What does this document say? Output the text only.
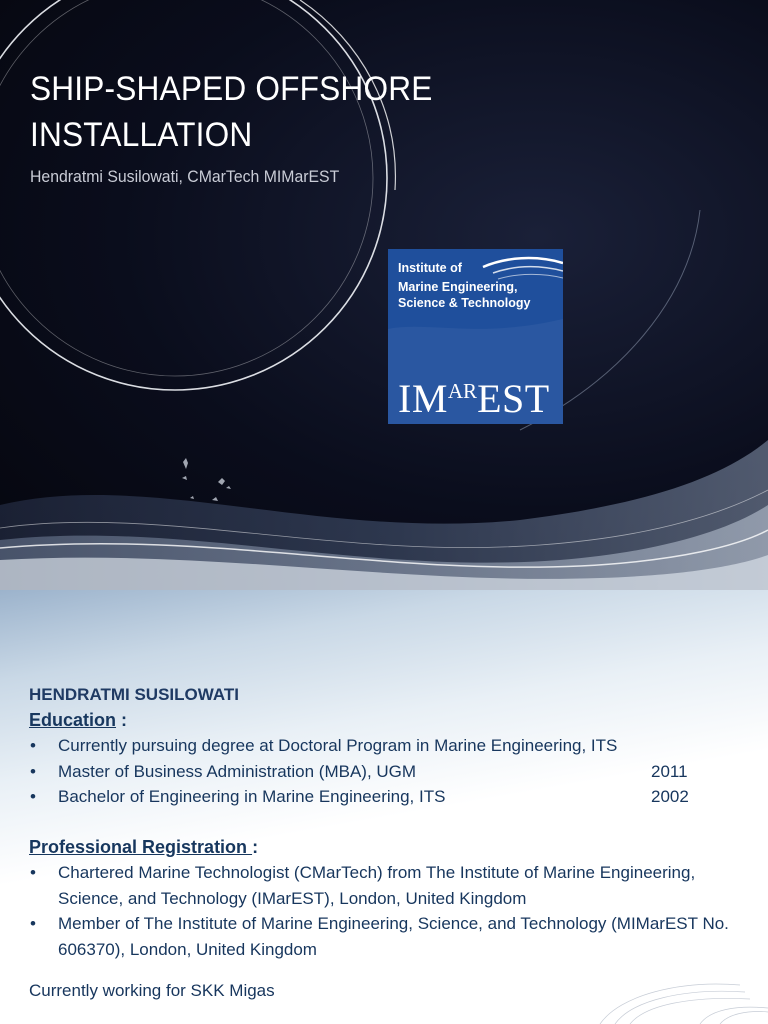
SHIP-SHAPED OFFSHORE
INSTALLATION
Hendratmi Susilowati, CMarTech MIMarEST
Institute of
Marine Engineering,
Science & Technology
$IM^{AR}EST$
HENDRATMI SUSILOWATI
Education :
• Currently pursuing degree at Doctoral Program in Marine Engineering, ITS
• Master of Business Administration (MBA), UGM	2011
• Bachelor of Engineering in Marine Engineering, ITS	2002
Professional Registration :
• Chartered Marine Technologist (CMarTech) from The Institute of Marine Engineering, Science, and Technology (IMarEST), London, United Kingdom
• Member of The Institute of Marine Engineering, Science, and Technology (MIMarEST No. 606370), London, United Kingdom
Currently working for SKK Migas
